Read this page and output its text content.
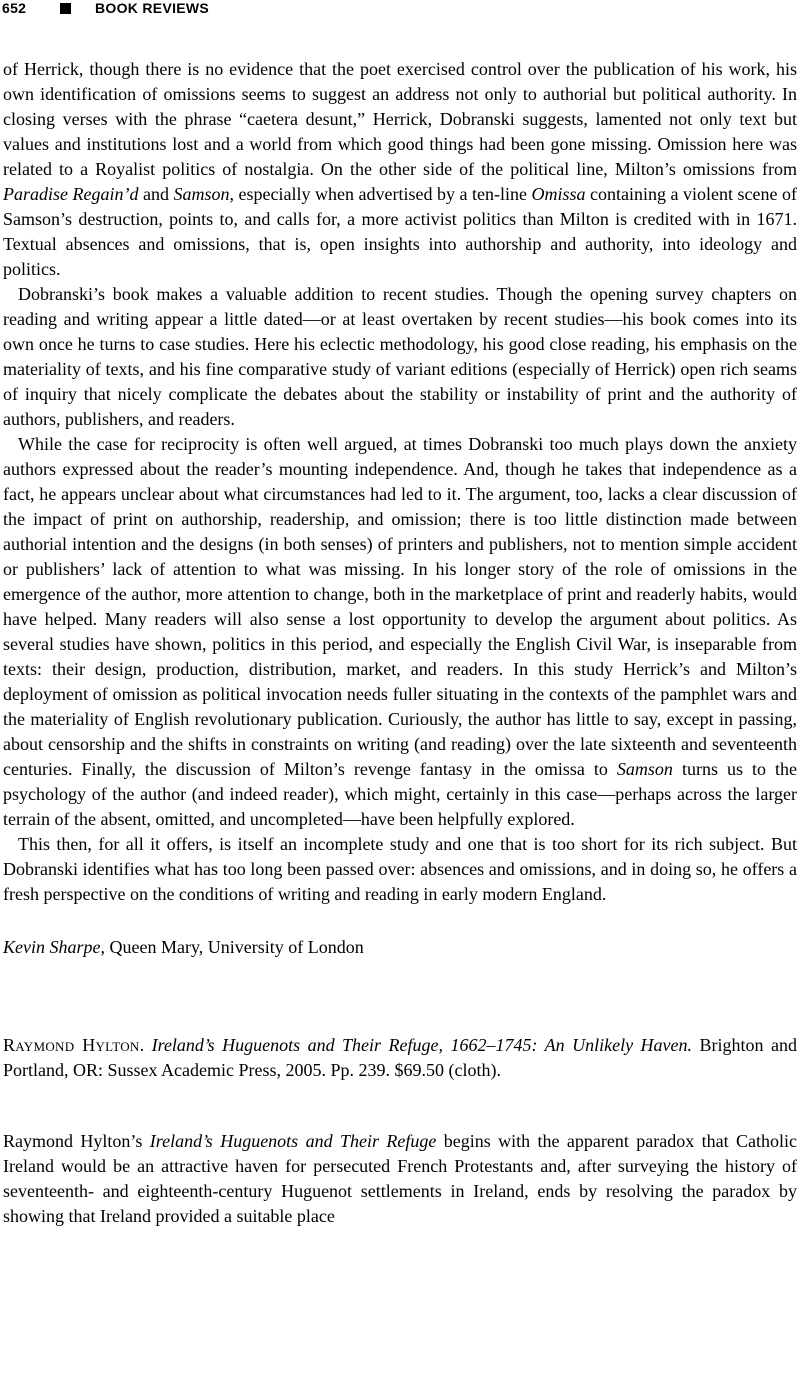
652	BOOK REVIEWS

of Herrick, though there is no evidence that the poet exercised control over the publication of his work, his own identification of omissions seems to suggest an address not only to authorial but political authority. In closing verses with the phrase “caetera desunt,” Herrick, Dobranski suggests, lamented not only text but values and institutions lost and a world from which good things had been gone missing. Omission here was related to a Royalist politics of nostalgia. On the other side of the political line, Milton’s omissions from Paradise Regain’d and Samson, especially when advertised by a ten-line Omissa containing a violent scene of Samson’s destruction, points to, and calls for, a more activist politics than Milton is credited with in 1671. Textual absences and omissions, that is, open insights into authorship and authority, into ideology and politics.

Dobranski’s book makes a valuable addition to recent studies. Though the opening survey chapters on reading and writing appear a little dated—or at least overtaken by recent studies—his book comes into its own once he turns to case studies. Here his eclectic methodology, his good close reading, his emphasis on the materiality of texts, and his fine comparative study of variant editions (especially of Herrick) open rich seams of inquiry that nicely complicate the debates about the stability or instability of print and the authority of authors, publishers, and readers.

While the case for reciprocity is often well argued, at times Dobranski too much plays down the anxiety authors expressed about the reader’s mounting independence. And, though he takes that independence as a fact, he appears unclear about what circumstances had led to it. The argument, too, lacks a clear discussion of the impact of print on authorship, readership, and omission; there is too little distinction made between authorial intention and the designs (in both senses) of printers and publishers, not to mention simple accident or publishers’ lack of attention to what was missing. In his longer story of the role of omissions in the emergence of the author, more attention to change, both in the marketplace of print and readerly habits, would have helped. Many readers will also sense a lost opportunity to develop the argument about politics. As several studies have shown, politics in this period, and especially the English Civil War, is inseparable from texts: their design, production, distribution, market, and readers. In this study Herrick’s and Milton’s deployment of omission as political invocation needs fuller situating in the contexts of the pamphlet wars and the materiality of English revolutionary publication. Curiously, the author has little to say, except in passing, about censorship and the shifts in constraints on writing (and reading) over the late sixteenth and seventeenth centuries. Finally, the discussion of Milton’s revenge fantasy in the omissa to Samson turns us to the psychology of the author (and indeed reader), which might, certainly in this case—perhaps across the larger terrain of the absent, omitted, and uncompleted—have been helpfully explored.

This then, for all it offers, is itself an incomplete study and one that is too short for its rich subject. But Dobranski identifies what has too long been passed over: absences and omissions, and in doing so, he offers a fresh perspective on the conditions of writing and reading in early modern England.

Kevin Sharpe, Queen Mary, University of London

Raymond Hylton. Ireland’s Huguenots and Their Refuge, 1662–1745: An Unlikely Haven. Brighton and Portland, OR: Sussex Academic Press, 2005. Pp. 239. $69.50 (cloth).

Raymond Hylton’s Ireland’s Huguenots and Their Refuge begins with the apparent paradox that Catholic Ireland would be an attractive haven for persecuted French Protestants and, after surveying the history of seventeenth- and eighteenth-century Huguenot settlements in Ireland, ends by resolving the paradox by showing that Ireland provided a suitable place
